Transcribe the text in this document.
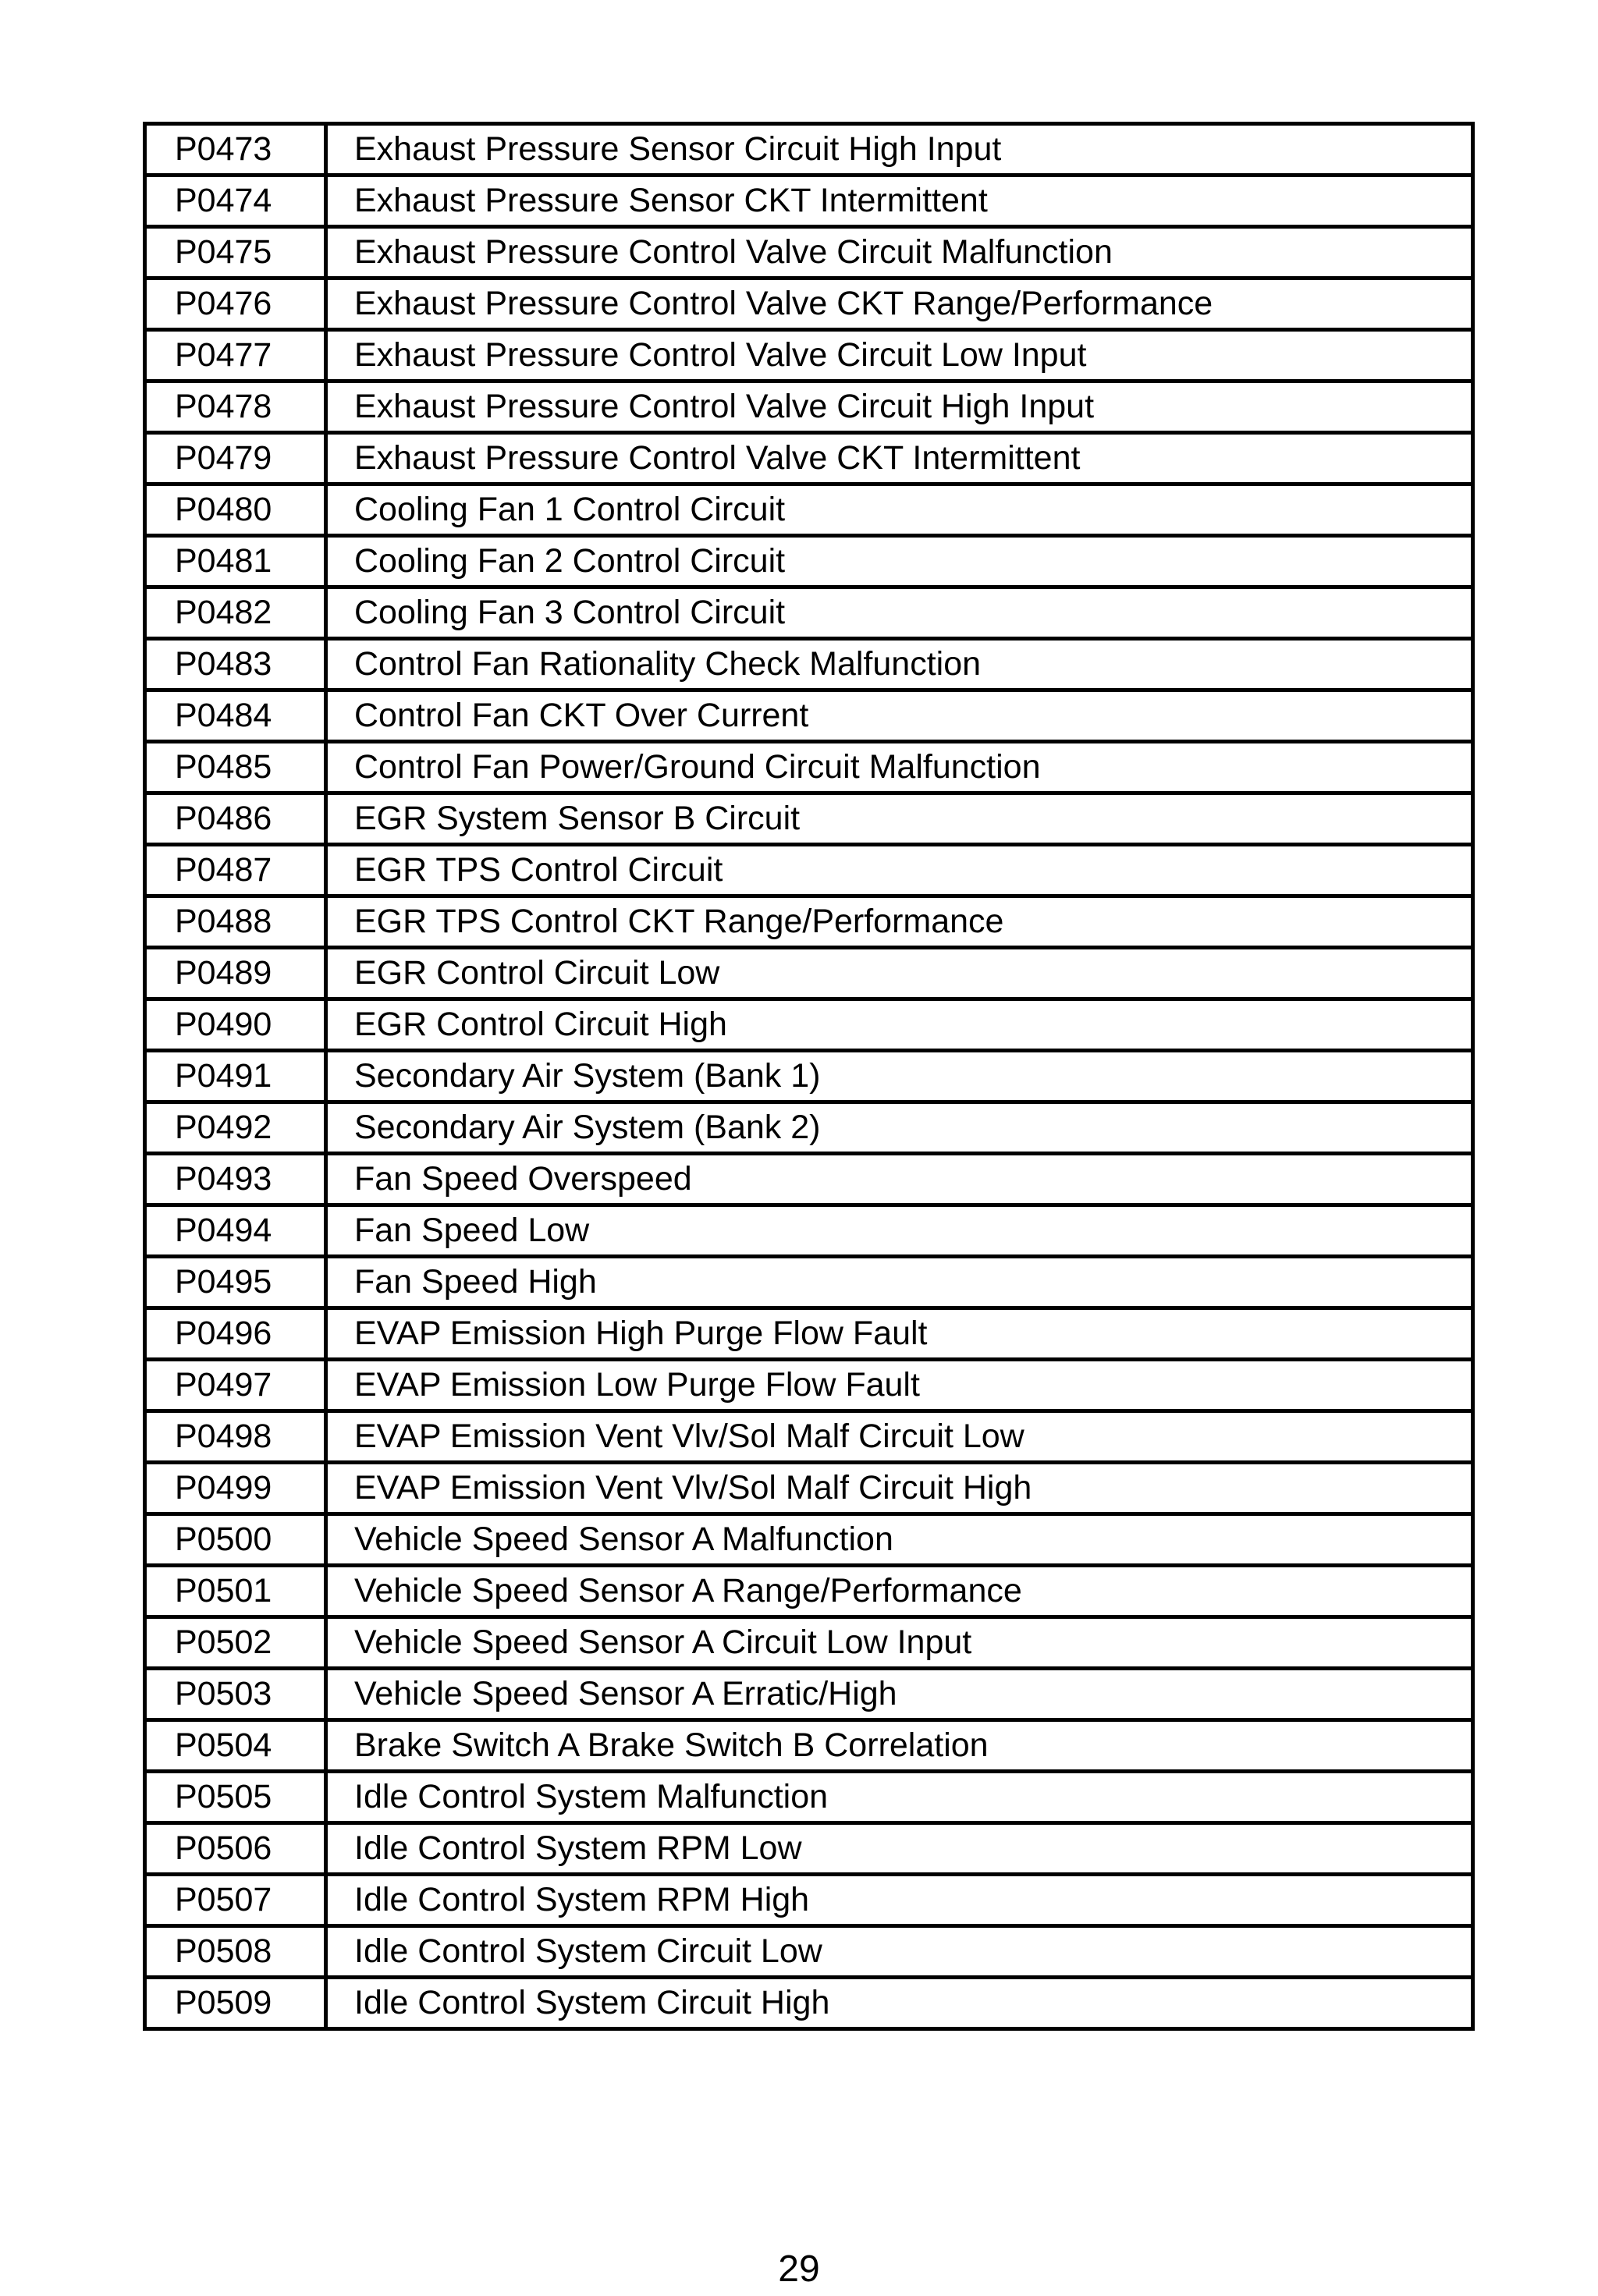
P0473	Exhaust Pressure Sensor Circuit High Input
P0474	Exhaust Pressure Sensor CKT Intermittent
P0475	Exhaust Pressure Control Valve Circuit Malfunction
P0476	Exhaust Pressure Control Valve CKT Range/Performance
P0477	Exhaust Pressure Control Valve Circuit Low Input
P0478	Exhaust Pressure Control Valve Circuit High Input
P0479	Exhaust Pressure Control Valve CKT Intermittent
P0480	Cooling Fan 1 Control Circuit
P0481	Cooling Fan 2 Control Circuit
P0482	Cooling Fan 3 Control Circuit
P0483	Control Fan Rationality Check Malfunction
P0484	Control Fan CKT Over Current
P0485	Control Fan Power/Ground Circuit Malfunction
P0486	EGR System Sensor B Circuit
P0487	EGR TPS Control Circuit
P0488	EGR TPS Control CKT Range/Performance
P0489	EGR Control Circuit Low
P0490	EGR Control Circuit High
P0491	Secondary Air System (Bank 1)
P0492	Secondary Air System (Bank 2)
P0493	Fan Speed Overspeed
P0494	Fan Speed Low
P0495	Fan Speed High
P0496	EVAP Emission High Purge Flow Fault
P0497	EVAP Emission Low Purge Flow Fault
P0498	EVAP Emission Vent Vlv/Sol Malf Circuit Low
P0499	EVAP Emission Vent Vlv/Sol Malf Circuit High
P0500	Vehicle Speed Sensor A Malfunction
P0501	Vehicle Speed Sensor A Range/Performance
P0502	Vehicle Speed Sensor A Circuit Low Input
P0503	Vehicle Speed Sensor A Erratic/High
P0504	Brake Switch A Brake Switch B Correlation
P0505	Idle Control System Malfunction
P0506	Idle Control System RPM Low
P0507	Idle Control System RPM High
P0508	Idle Control System Circuit Low
P0509	Idle Control System Circuit High
29
